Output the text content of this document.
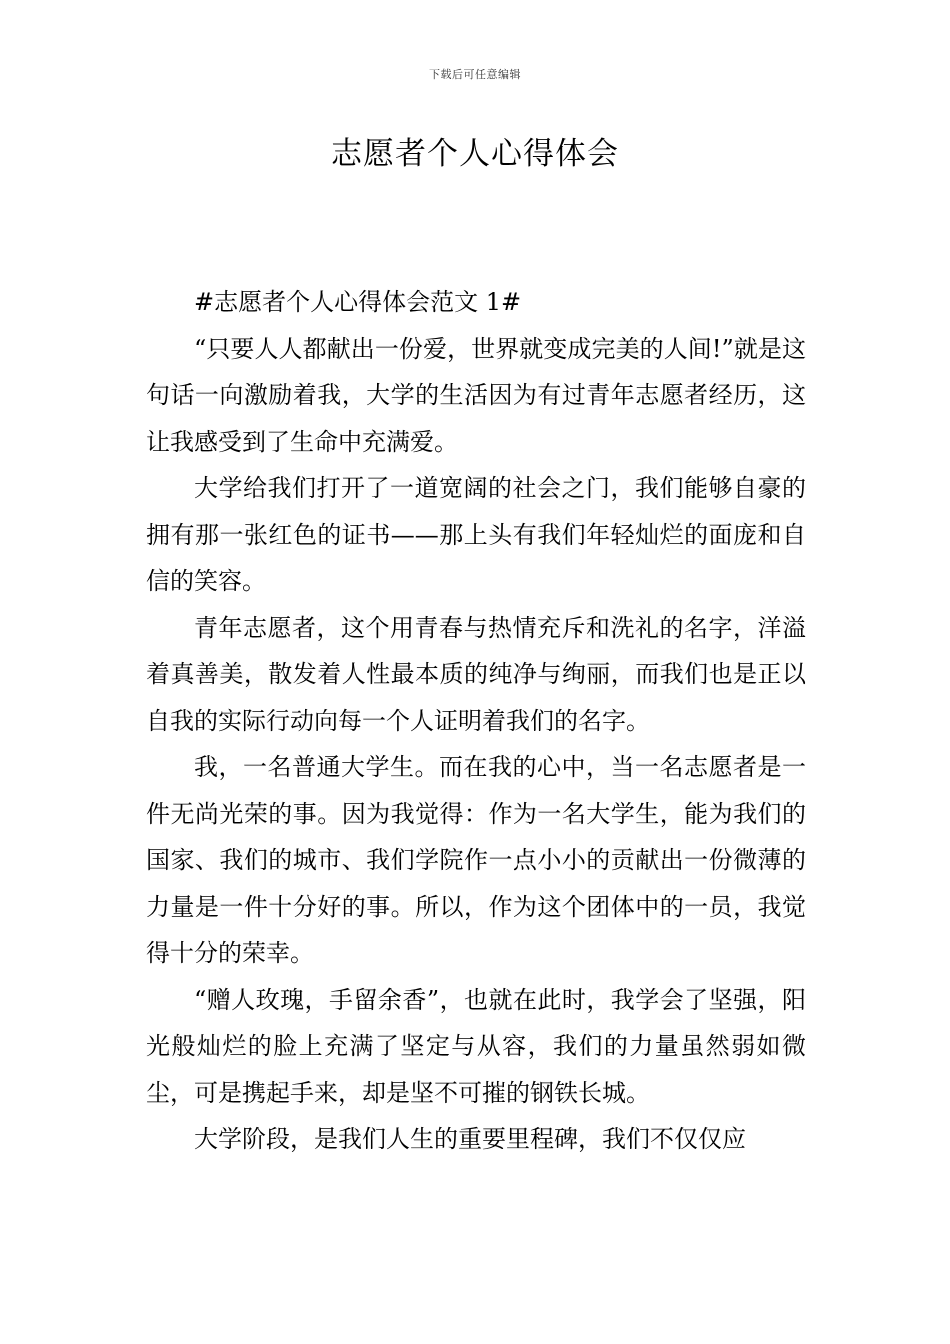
下载后可任意编辑
志愿者个人心得体会

#志愿者个人心得体会范文 1#

“只要人人都献出一份爱，世界就变成完美的人间!”就是这句话一向激励着我，大学的生活因为有过青年志愿者经历，这让我感受到了生命中充满爱。

大学给我们打开了一道宽阔的社会之门，我们能够自豪的拥有那一张红色的证书——那上头有我们年轻灿烂的面庞和自信的笑容。

青年志愿者，这个用青春与热情充斥和洗礼的名字，洋溢着真善美，散发着人性最本质的纯净与绚丽，而我们也是正以自我的实际行动向每一个人证明着我们的名字。

我，一名普通大学生。而在我的心中，当一名志愿者是一件无尚光荣的事。因为我觉得：作为一名大学生，能为我们的国家、我们的城市、我们学院作一点小小的贡献出一份微薄的力量是一件十分好的事。所以，作为这个团体中的一员，我觉得十分的荣幸。

“赠人玫瑰，手留余香”，也就在此时，我学会了坚强，阳光般灿烂的脸上充满了坚定与从容，我们的力量虽然弱如微尘，可是携起手来，却是坚不可摧的钢铁长城。

大学阶段，是我们人生的重要里程碑，我们不仅仅应
